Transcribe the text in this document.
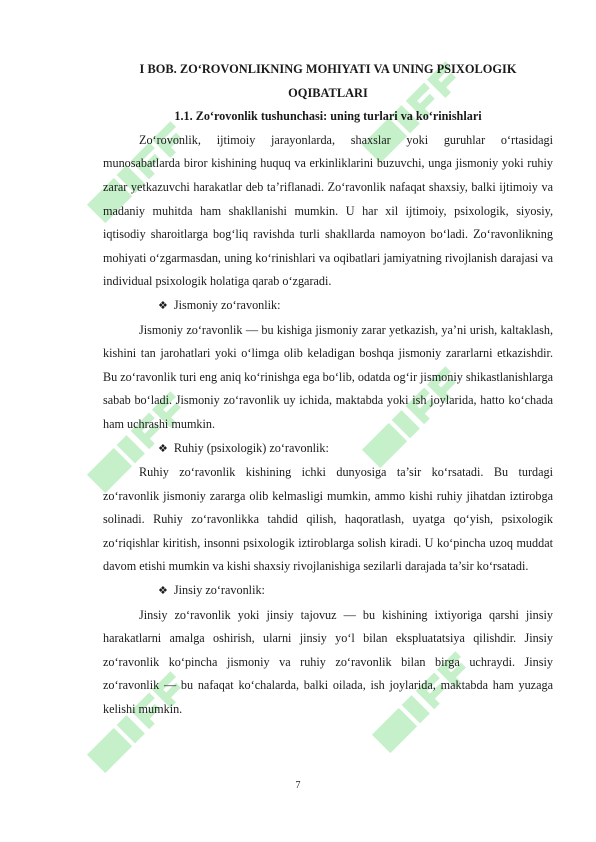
I BOB. ZO‘ROVONLIKNING MOHIYATI VA UNING PSIXOLOGIK
OQIBATLARI
1.1. Zo‘rovonlik tushunchasi: uning turlari va ko‘rinishlari

Zo‘rovonlik, ijtimoiy jarayonlarda, shaxslar yoki guruhlar o‘rtasidagi munosabatlarda biror kishining huquq va erkinliklarini buzuvchi, unga jismoniy yoki ruhiy zarar yetkazuvchi harakatlar deb ta’riflanadi. Zo‘ravonlik nafaqat shaxsiy, balki ijtimoiy va madaniy muhitda ham shakllanishi mumkin. U har xil ijtimoiy, psixologik, siyosiy, iqtisodiy sharoitlarga bog‘liq ravishda turli shakllarda namoyon bo‘ladi. Zo‘ravonlikning mohiyati o‘zgarmasdan, uning ko‘rinishlari va oqibatlari jamiyatning rivojlanish darajasi va individual psixologik holatiga qarab o‘zgaradi.

❖ Jismoniy zo‘ravonlik:

Jismoniy zo‘ravonlik — bu kishiga jismoniy zarar yetkazish, ya’ni urish, kaltaklash, kishini tan jarohatlari yoki o‘limga olib keladigan boshqa jismoniy zararlarni etkazishdir. Bu zo‘ravonlik turi eng aniq ko‘rinishga ega bo‘lib, odatda og‘ir jismoniy shikastlanishlarga sabab bo‘ladi. Jismoniy zo‘ravonlik uy ichida, maktabda yoki ish joylarida, hatto ko‘chada ham uchrashi mumkin.

❖ Ruhiy (psixologik) zo‘ravonlik:

Ruhiy zo‘ravonlik kishining ichki dunyosiga ta’sir ko‘rsatadi. Bu turdagi zo‘ravonlik jismoniy zararga olib kelmasligi mumkin, ammo kishi ruhiy jihatdan iztirobga solinadi. Ruhiy zo‘ravonlikka tahdid qilish, haqoratlash, uyatga qo‘yish, psixologik zo‘riqishlar kiritish, insonni psixologik iztiroblarga solish kiradi. U ko‘pincha uzoq muddat davom etishi mumkin va kishi shaxsiy rivojlanishiga sezilarli darajada ta’sir ko‘rsatadi.

❖ Jinsiy zo‘ravonlik:

Jinsiy zo‘ravonlik yoki jinsiy tajovuz — bu kishining ixtiyoriga qarshi jinsiy harakatlarni amalga oshirish, ularni jinsiy yo‘l bilan ekspluatatsiya qilishdir. Jinsiy zo‘ravonlik ko‘pincha jismoniy va ruhiy zo‘ravonlik bilan birga uchraydi. Jinsiy zo‘ravonlik — bu nafaqat ko‘chalarda, balki oilada, ish joylarida, maktabda ham yuzaga kelishi mumkin.

7
